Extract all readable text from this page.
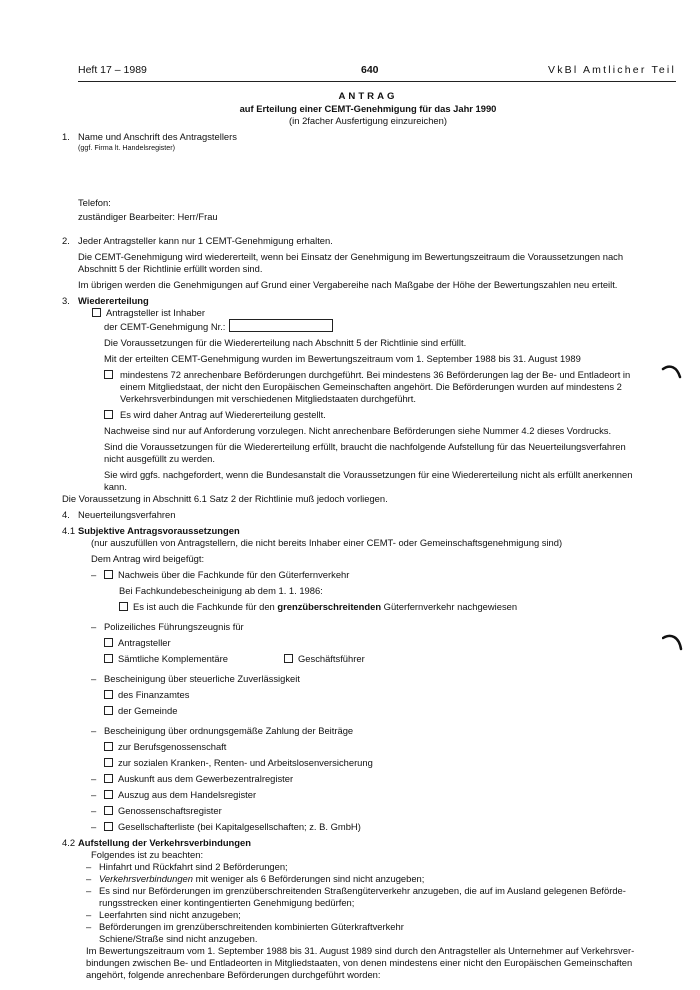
Heft 17 – 1989	640	VkBl Amtlicher Teil
ANTRAG
auf Erteilung einer CEMT-Genehmigung für das Jahr 1990
(in 2facher Ausfertigung einzureichen)
1. Name und Anschrift des Antragstellers
(ggf. Firma lt. Handelsregister)
Telefon:
zuständiger Bearbeiter: Herr/Frau
2. Jeder Antragsteller kann nur 1 CEMT-Genehmigung erhalten.
Die CEMT-Genehmigung wird wiedererteilt, wenn bei Einsatz der Genehmigung im Bewertungszeitraum die Voraussetzungen nach
Abschnitt 5 der Richtlinie erfüllt worden sind.
Im übrigen werden die Genehmigungen auf Grund einer Vergabereihe nach Maßgabe der Höhe der Bewertungszahlen neu erteilt.
3. Wiedererteilung
Antragsteller ist Inhaber
der CEMT-Genehmigung Nr.:
Die Voraussetzungen für die Wiedererteilung nach Abschnitt 5 der Richtlinie sind erfüllt.
Mit der erteilten CEMT-Genehmigung wurden im Bewertungszeitraum vom 1. September 1988 bis 31. August 1989
mindestens 72 anrechenbare Beförderungen durchgeführt. Bei mindestens 36 Beförderungen lag der Be- und Entladeort in
einem Mitgliedstaat, der nicht den Europäischen Gemeinschaften angehört. Die Beförderungen wurden auf mindestens 2
Verkehrsverbindungen mit verschiedenen Mitgliedstaaten durchgeführt.
Es wird daher Antrag auf Wiedererteilung gestellt.
Nachweise sind nur auf Anforderung vorzulegen. Nicht anrechenbare Beförderungen siehe Nummer 4.2 dieses Vordrucks.
Sind die Voraussetzungen für die Wiedererteilung erfüllt, braucht die nachfolgende Aufstellung für das Neuerteilungsverfahren
nicht ausgefüllt zu werden.
Sie wird ggfs. nachgefordert, wenn die Bundesanstalt die Voraussetzungen für eine Wiedererteilung nicht als erfüllt anerkennen
kann.
Die Voraussetzung in Abschnitt 6.1 Satz 2 der Richtlinie muß jedoch vorliegen.
4. Neuerteilungsverfahren
4.1 Subjektive Antragsvoraussetzungen
(nur auszufüllen von Antragstellern, die nicht bereits Inhaber einer CEMT- oder Gemeinschaftsgenehmigung sind)
Dem Antrag wird beigefügt:
– Nachweis über die Fachkunde für den Güterfernverkehr
Bei Fachkundebescheinigung ab dem 1. 1. 1986:
Es ist auch die Fachkunde für den grenzüberschreitenden Güterfernverkehr nachgewiesen
– Polizeiliches Führungszeugnis für
Antragsteller
Sämtliche Komplementäre	Geschäftsführer
– Bescheinigung über steuerliche Zuverlässigkeit
des Finanzamtes
der Gemeinde
– Bescheinigung über ordnungsgemäße Zahlung der Beiträge
zur Berufsgenossenschaft
zur sozialen Kranken-, Renten- und Arbeitslosenversicherung
– Auskunft aus dem Gewerbezentralregister
– Auszug aus dem Handelsregister
– Genossenschaftsregister
– Gesellschafterliste (bei Kapitalgesellschaften; z. B. GmbH)
4.2 Aufstellung der Verkehrsverbindungen
Folgendes ist zu beachten:
– Hinfahrt und Rückfahrt sind 2 Beförderungen;
– Verkehrsverbindungen mit weniger als 6 Beförderungen sind nicht anzugeben;
– Es sind nur Beförderungen im grenzüberschreitenden Straßengüterverkehr anzugeben, die auf im Ausland gelegenen Beförde-
rungsstrecken einer kontingentierten Genehmigung bedürfen;
– Leerfahrten sind nicht anzugeben;
– Beförderungen im grenzüberschreitenden kombinierten Güterkraftverkehr
Schiene/Straße sind nicht anzugeben.
Im Bewertungszeitraum vom 1. September 1988 bis 31. August 1989 sind durch den Antragsteller als Unternehmer auf Verkehrsver-
bindungen zwischen Be- und Entladeorten in Mitgliedstaaten, von denen mindestens einer nicht den Europäischen Gemeinschaften
angehört, folgende anrechenbare Beförderungen durchgeführt worden:
